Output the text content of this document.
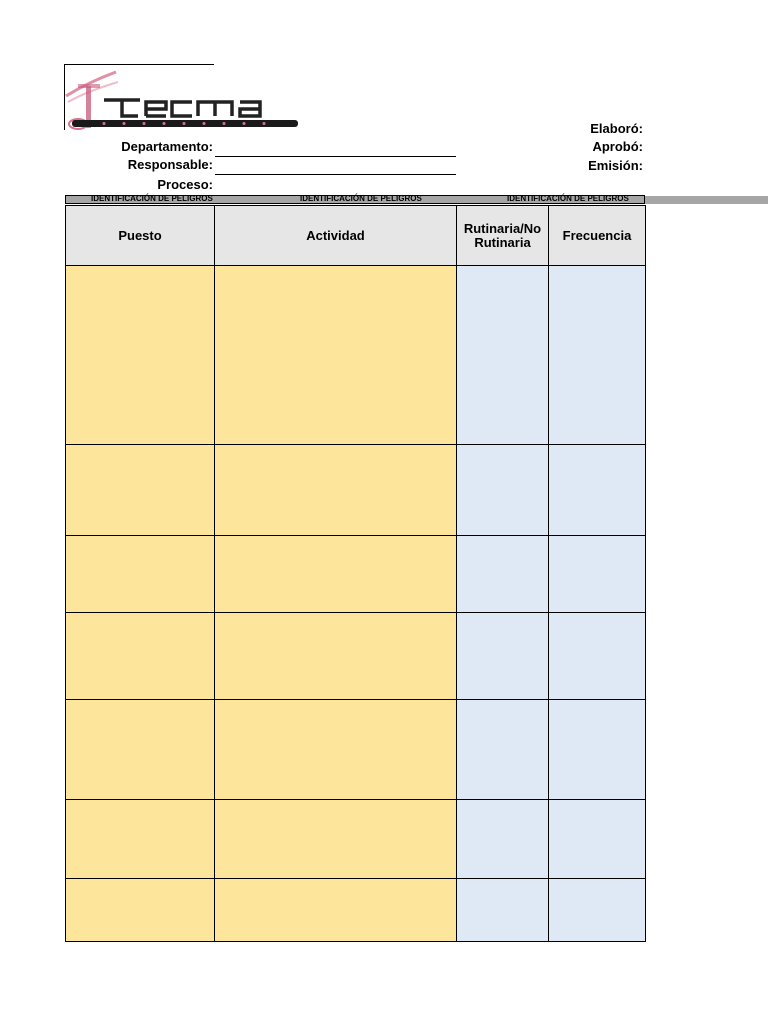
Departamento:
Responsable:
Proceso:
Elaboró:
Aprobó:
Emisión:
IDENTIFICACIÓN DE PELIGROS	IDENTIFICACIÓN DE PELIGROS	IDENTIFICACIÓN DE PELIGROS
Puesto	Actividad	Rutinaria/No Rutinaria	Frecuencia
